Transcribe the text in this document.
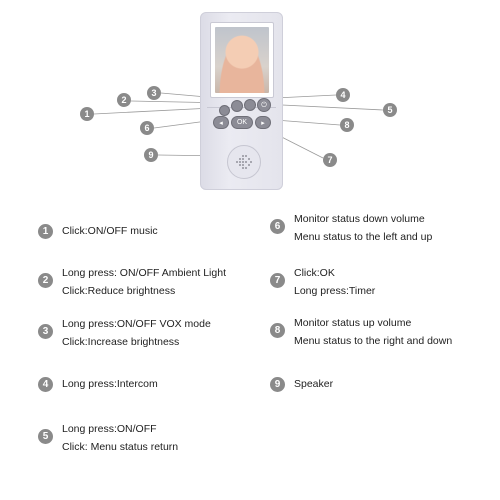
⏻
◂ OK ▸
1
2
3	4
5
6
7
8
9
1	Click:ON/OFF music
2
Long press: ON/OFF Ambient Light
Click:Reduce brightness
3
Long press:ON/OFF VOX mode
Click:Increase brightness
4	Long press:Intercom
5
Long press:ON/OFF
Click: Menu status return
6
Monitor status down volume
Menu status to the left and up
7
Click:OK
Long press:Timer
8
Monitor status up volume
Menu status to the right and down
9	Speaker
